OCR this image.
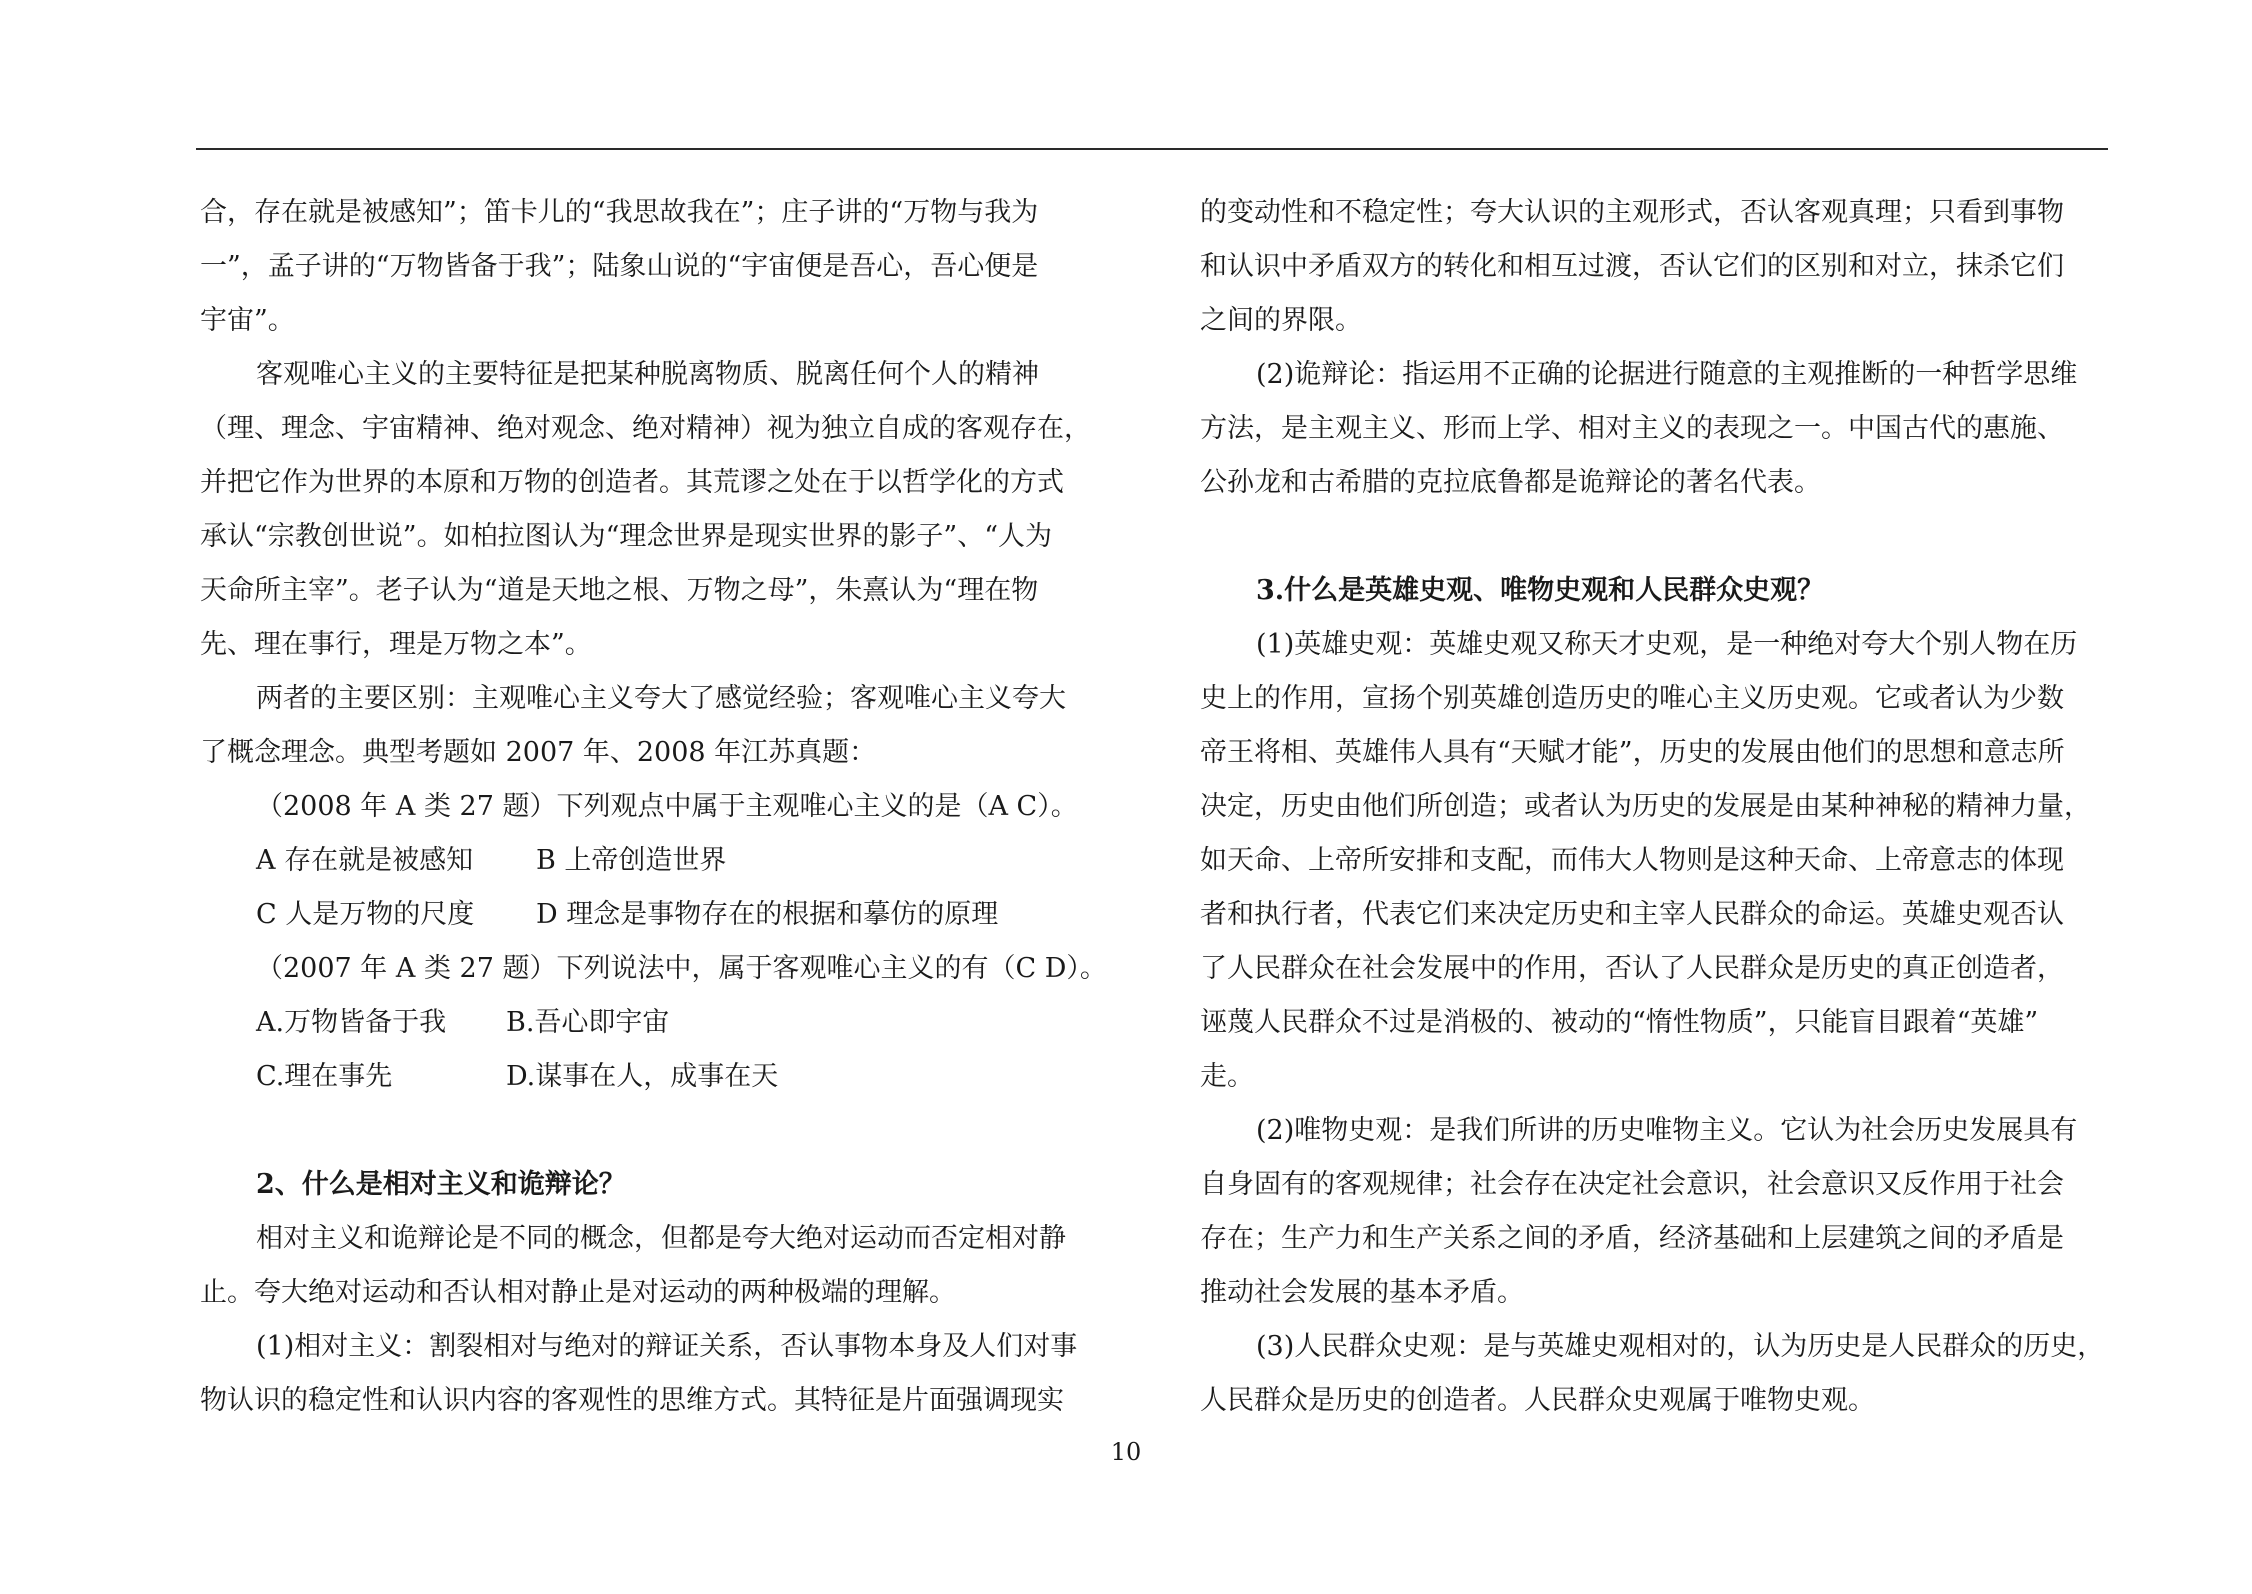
合，存在就是被感知”；笛卡儿的“我思故我在”；庄子讲的“万物与我为
一”，孟子讲的“万物皆备于我”；陆象山说的“宇宙便是吾心，吾心便是
宇宙”。
客观唯心主义的主要特征是把某种脱离物质、脱离任何个人的精神
（理、理念、宇宙精神、绝对观念、绝对精神）视为独立自成的客观存在，
并把它作为世界的本原和万物的创造者。其荒谬之处在于以哲学化的方式
承认“宗教创世说”。如柏拉图认为“理念世界是现实世界的影子”、“人为
天命所主宰”。老子认为“道是天地之根、万物之母”，朱熹认为“理在物
先、理在事行，理是万物之本”。
两者的主要区别：主观唯心主义夸大了感觉经验；客观唯心主义夸大
了概念理念。典型考题如 2007 年、2008 年江苏真题：
（2008 年 A 类 27 题）下列观点中属于主观唯心主义的是（A C）。
A 存在就是被感知 B 上帝创造世界
C 人是万物的尺度 D 理念是事物存在的根据和摹仿的原理
（2007 年 A 类 27 题）下列说法中，属于客观唯心主义的有（C D）。
A.万物皆备于我 B.吾心即宇宙
C.理在事先	D.谋事在人，成事在天
2、什么是相对主义和诡辩论？
相对主义和诡辩论是不同的概念，但都是夸大绝对运动而否定相对静
止。夸大绝对运动和否认相对静止是对运动的两种极端的理解。
(1)相对主义：割裂相对与绝对的辩证关系，否认事物本身及人们对事
物认识的稳定性和认识内容的客观性的思维方式。其特征是片面强调现实
的变动性和不稳定性；夸大认识的主观形式，否认客观真理；只看到事物
和认识中矛盾双方的转化和相互过渡，否认它们的区别和对立，抹杀它们
之间的界限。
(2)诡辩论：指运用不正确的论据进行随意的主观推断的一种哲学思维
方法，是主观主义、形而上学、相对主义的表现之一。中国古代的惠施、
公孙龙和古希腊的克拉底鲁都是诡辩论的著名代表。
3.什么是英雄史观、唯物史观和人民群众史观？
(1)英雄史观：英雄史观又称天才史观，是一种绝对夸大个别人物在历
史上的作用，宣扬个别英雄创造历史的唯心主义历史观。它或者认为少数
帝王将相、英雄伟人具有“天赋才能”，历史的发展由他们的思想和意志所
决定，历史由他们所创造；或者认为历史的发展是由某种神秘的精神力量，
如天命、上帝所安排和支配，而伟大人物则是这种天命、上帝意志的体现
者和执行者，代表它们来决定历史和主宰人民群众的命运。英雄史观否认
了人民群众在社会发展中的作用，否认了人民群众是历史的真正创造者，
诬蔑人民群众不过是消极的、被动的“惰性物质”，只能盲目跟着“英雄”
走。
(2)唯物史观：是我们所讲的历史唯物主义。它认为社会历史发展具有
自身固有的客观规律；社会存在决定社会意识，社会意识又反作用于社会
存在；生产力和生产关系之间的矛盾，经济基础和上层建筑之间的矛盾是
推动社会发展的基本矛盾。
(3)人民群众史观：是与英雄史观相对的，认为历史是人民群众的历史，
人民群众是历史的创造者。人民群众史观属于唯物史观。
10
